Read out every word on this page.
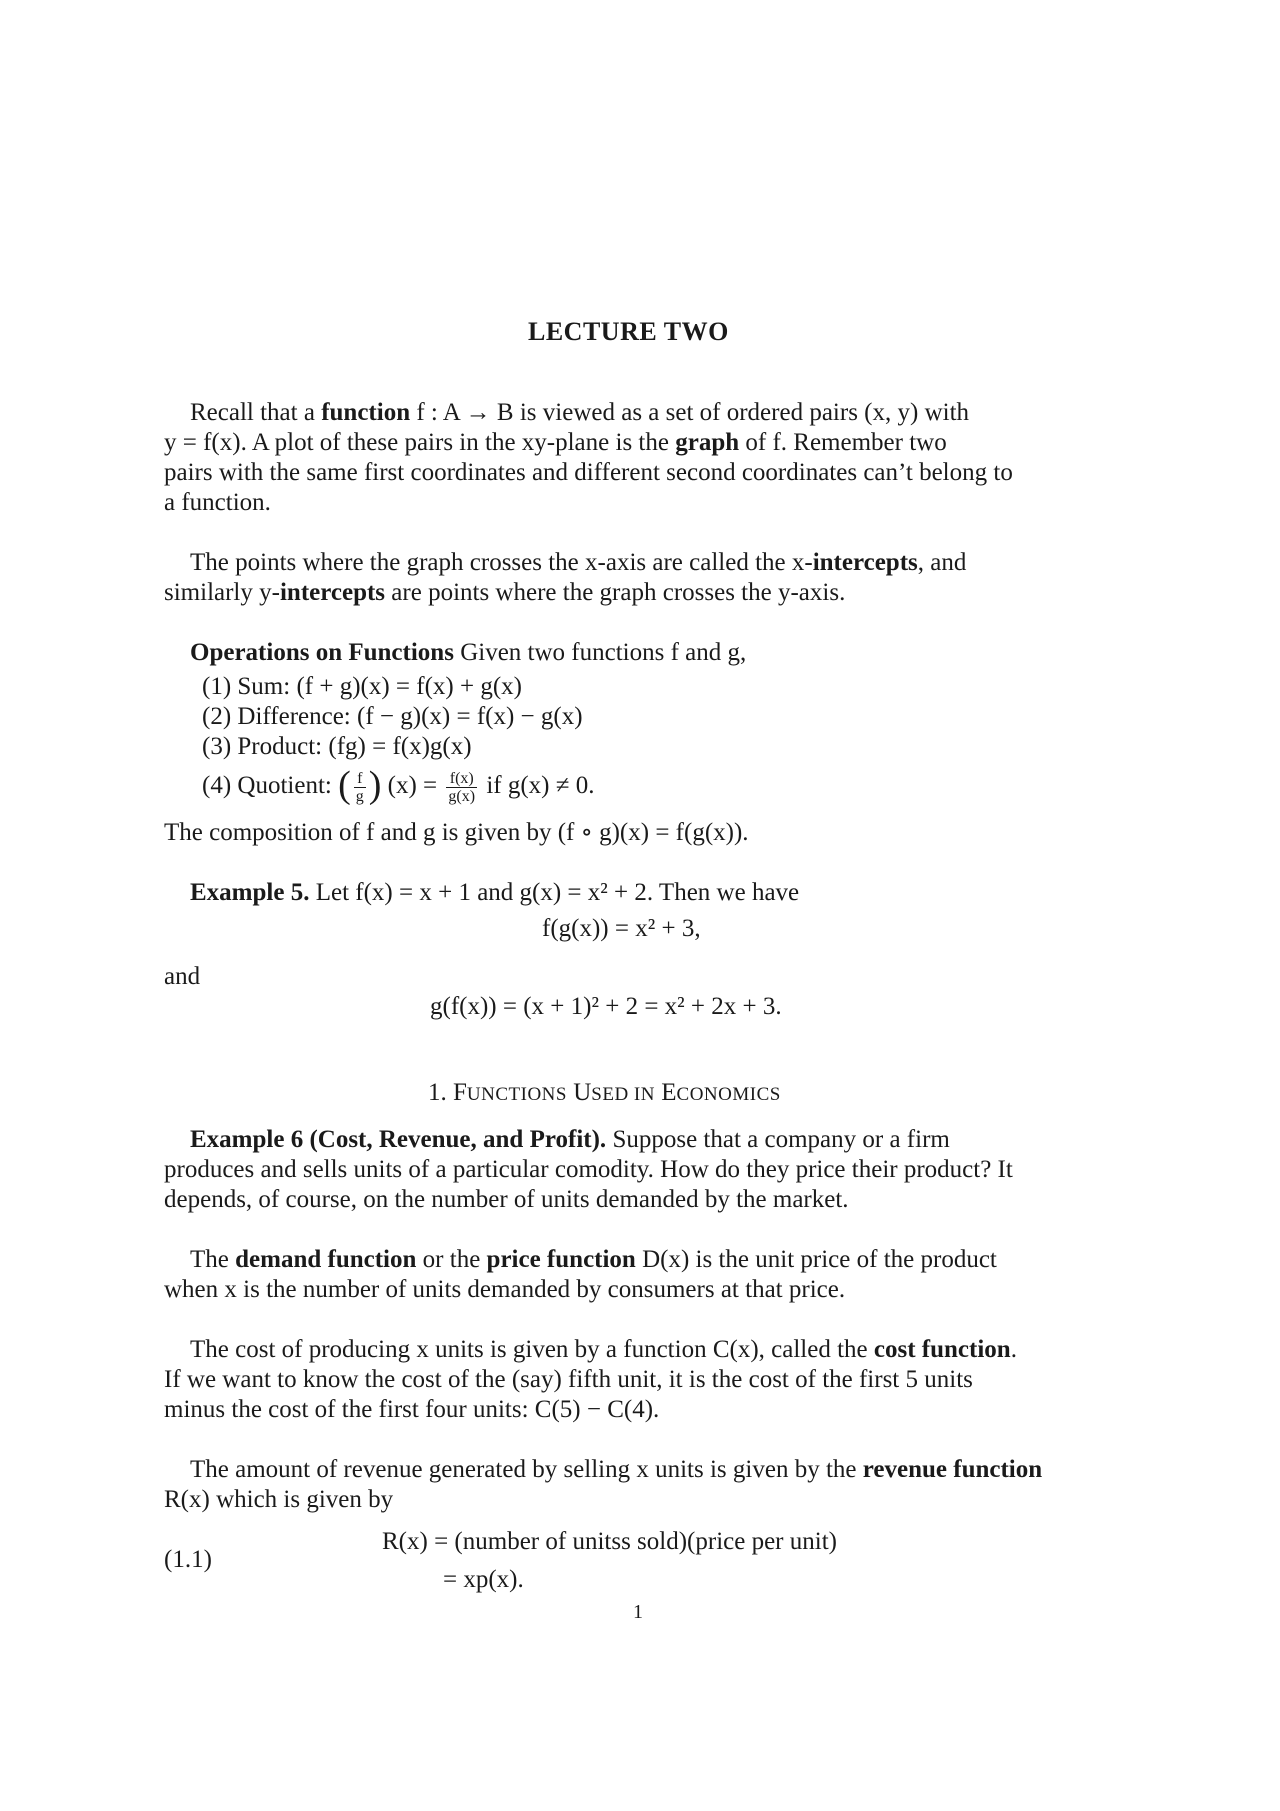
LECTURE TWO
Recall that a function f : A → B is viewed as a set of ordered pairs (x, y) with
y = f(x). A plot of these pairs in the xy-plane is the graph of f. Remember two
pairs with the same first coordinates and different second coordinates can’t belong to
a function.
The points where the graph crosses the x-axis are called the x-intercepts, and
similarly y-intercepts are points where the graph crosses the y-axis.
Operations on Functions Given two functions f and g,
(1) Sum: (f + g)(x) = f(x) + g(x)
(2) Difference: (f − g)(x) = f(x) − g(x)
(3) Product: (fg) = f(x)g(x)
(4) Quotient: ( $\frac{f}{g}$ ) $(x) = \frac{f(x)}{g(x)}$ if g(x) ≠ 0.
The composition of f and g is given by (f ∘ g)(x) = f(g(x)).
Example 5. Let f(x) = x + 1 and g(x) = x² + 2. Then we have
f(g(x)) = x² + 3,
and
g(f(x)) = (x + 1)² + 2 = x² + 2x + 3.
1. FUNCTIONS USED IN ECONOMICS
Example 6 (Cost, Revenue, and Profit). Suppose that a company or a firm
produces and sells units of a particular comodity. How do they price their product? It
depends, of course, on the number of units demanded by the market.
The demand function or the price function D(x) is the unit price of the product
when x is the number of units demanded by consumers at that price.
The cost of producing x units is given by a function C(x), called the cost function.
If we want to know the cost of the (say) fifth unit, it is the cost of the first 5 units
minus the cost of the first four units: C(5) − C(4).
The amount of revenue generated by selling x units is given by the revenue function
R(x) which is given by
R(x) = (number of unitss sold)(price per unit)
(1.1)
= xp(x).
1
